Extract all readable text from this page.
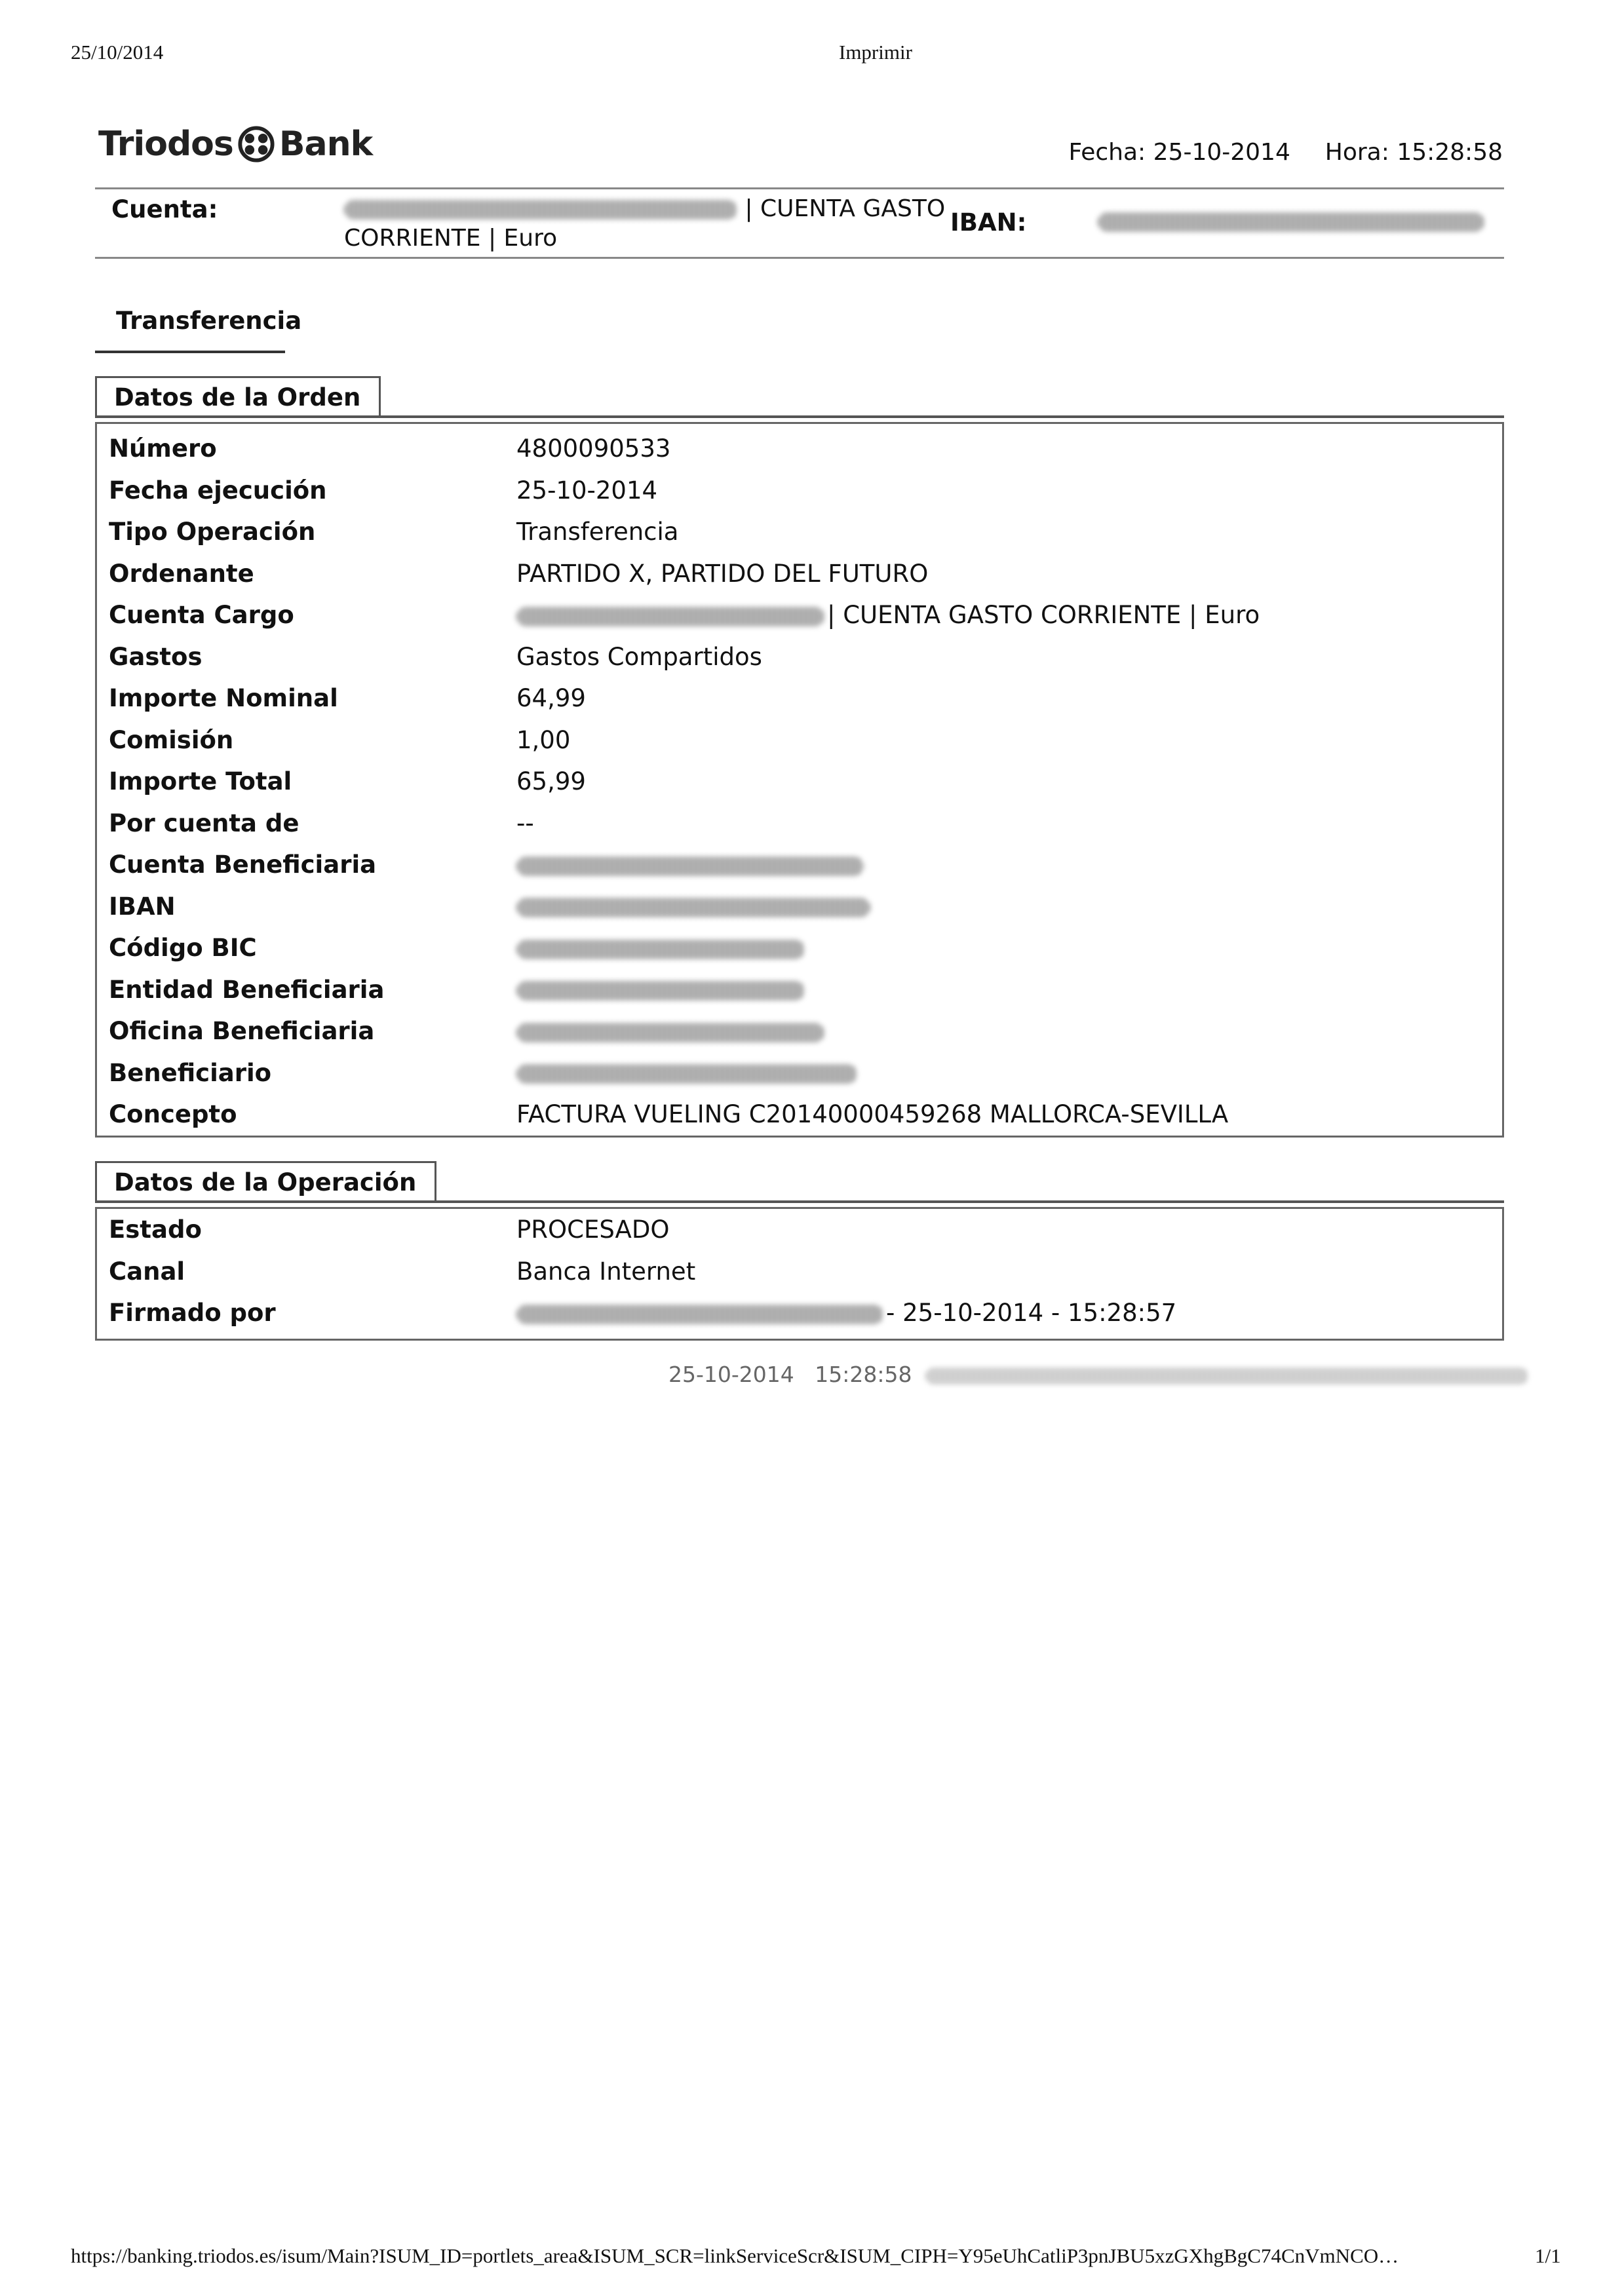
25/10/2014	Imprimir
Triodos Bank	Fecha: 25-10-2014 Hora: 15:28:58
Cuenta:	| CUENTA GASTO
CORRIENTE | Euro
IBAN:
Transferencia
Datos de la Orden
Número	4800090533
Fecha ejecución	25-10-2014
Tipo Operación	Transferencia
Ordenante	PARTIDO X, PARTIDO DEL FUTURO
Cuenta Cargo	| CUENTA GASTO CORRIENTE | Euro
Gastos	Gastos Compartidos
Importe Nominal	64,99
Comisión	1,00
Importe Total	65,99
Por cuenta de	--
Cuenta Beneficiaria
IBAN
Código BIC
Entidad Beneficiaria
Oficina Beneficiaria
Beneficiario
Concepto	FACTURA VUELING C20140000459268 MALLORCA-SEVILLA
Datos de la Operación
Estado	PROCESADO
Canal	Banca Internet
Firmado por	- 25-10-2014 - 15:28:57
25-10-2014 15:28:58
https://banking.triodos.es/isum/Main?ISUM_ID=portlets_area&ISUM_SCR=linkServiceScr&ISUM_CIPH=Y95eUhCatliP3pnJBU5xzGXhgBgC74CnVmNCO…	1/1
